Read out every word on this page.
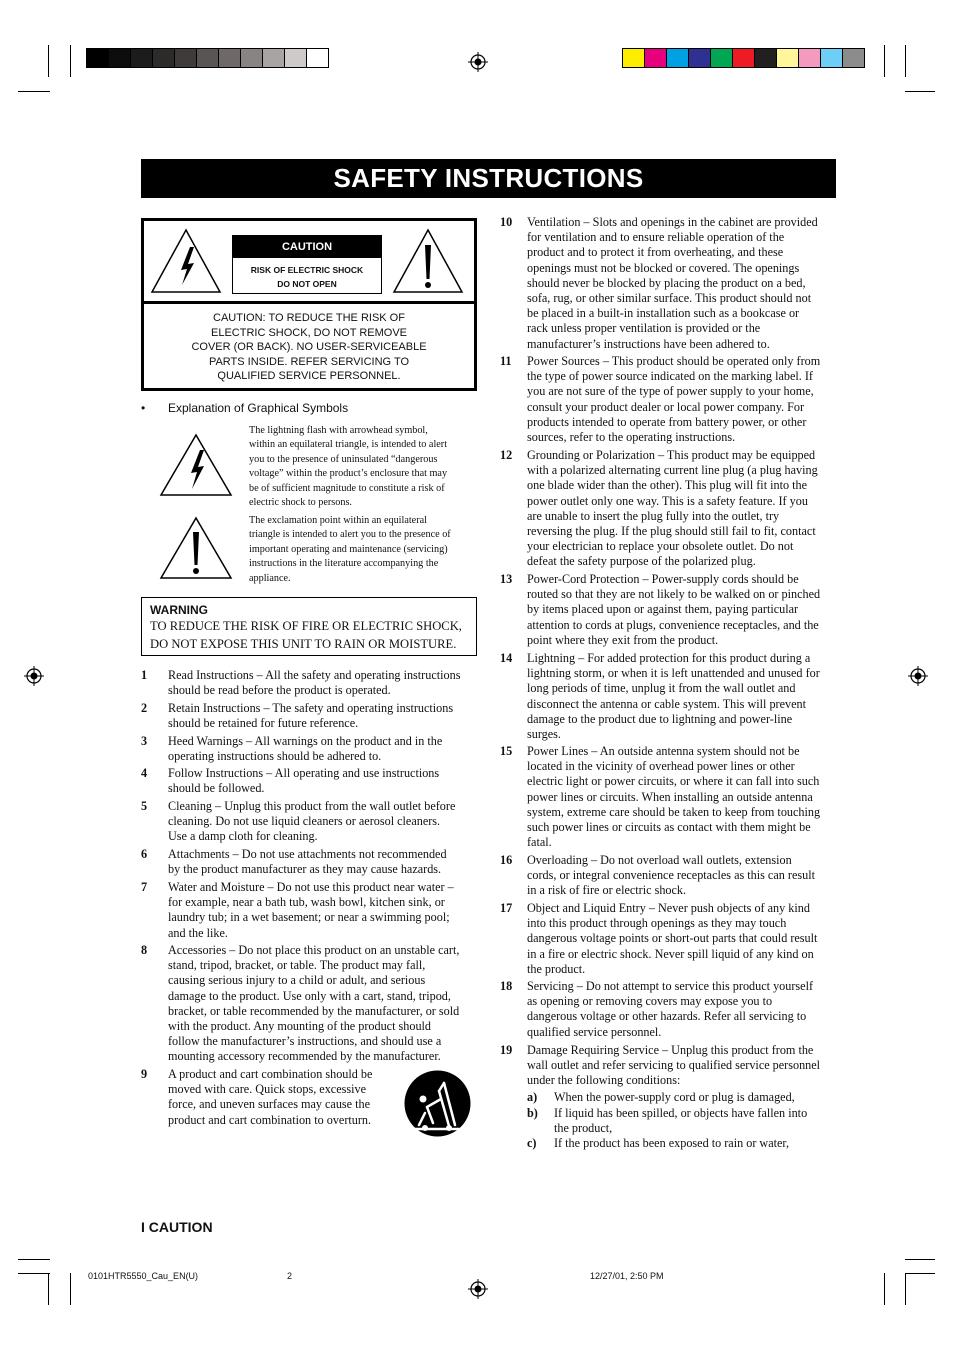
SAFETY INSTRUCTIONS
CAUTION
RISK OF ELECTRIC SHOCK
DO NOT OPEN
CAUTION: TO REDUCE THE RISK OF
ELECTRIC SHOCK, DO NOT REMOVE
COVER (OR BACK). NO USER-SERVICEABLE
PARTS INSIDE. REFER SERVICING TO
QUALIFIED SERVICE PERSONNEL.
• Explanation of Graphical Symbols
The lightning flash with arrowhead symbol,
within an equilateral triangle, is intended to alert
you to the presence of uninsulated “dangerous
voltage” within the product’s enclosure that may
be of sufficient magnitude to constitute a risk of
electric shock to persons.
The exclamation point within an equilateral
triangle is intended to alert you to the presence of
important operating and maintenance (servicing)
instructions in the literature accompanying the
appliance.
WARNING
TO REDUCE THE RISK OF FIRE OR ELECTRIC SHOCK,
DO NOT EXPOSE THIS UNIT TO RAIN OR MOISTURE.
1 Read Instructions – All the safety and operating instructions
should be read before the product is operated.
2 Retain Instructions – The safety and operating instructions
should be retained for future reference.
3 Heed Warnings – All warnings on the product and in the
operating instructions should be adhered to.
4 Follow Instructions – All operating and use instructions
should be followed.
5 Cleaning – Unplug this product from the wall outlet before
cleaning. Do not use liquid cleaners or aerosol cleaners.
Use a damp cloth for cleaning.
6 Attachments – Do not use attachments not recommended
by the product manufacturer as they may cause hazards.
7 Water and Moisture – Do not use this product near water –
for example, near a bath tub, wash bowl, kitchen sink, or
laundry tub; in a wet basement; or near a swimming pool;
and the like.
8 Accessories – Do not place this product on an unstable cart,
stand, tripod, bracket, or table. The product may fall,
causing serious injury to a child or adult, and serious
damage to the product. Use only with a cart, stand, tripod,
bracket, or table recommended by the manufacturer, or sold
with the product. Any mounting of the product should
follow the manufacturer’s instructions, and should use a
mounting accessory recommended by the manufacturer.
9 A product and cart combination should be
moved with care. Quick stops, excessive
force, and uneven surfaces may cause the
product and cart combination to overturn.
10 Ventilation – Slots and openings in the cabinet are provided
for ventilation and to ensure reliable operation of the
product and to protect it from overheating, and these
openings must not be blocked or covered. The openings
should never be blocked by placing the product on a bed,
sofa, rug, or other similar surface. This product should not
be placed in a built-in installation such as a bookcase or
rack unless proper ventilation is provided or the
manufacturer’s instructions have been adhered to.
11 Power Sources – This product should be operated only from
the type of power source indicated on the marking label. If
you are not sure of the type of power supply to your home,
consult your product dealer or local power company. For
products intended to operate from battery power, or other
sources, refer to the operating instructions.
12 Grounding or Polarization – This product may be equipped
with a polarized alternating current line plug (a plug having
one blade wider than the other). This plug will fit into the
power outlet only one way. This is a safety feature. If you
are unable to insert the plug fully into the outlet, try
reversing the plug. If the plug should still fail to fit, contact
your electrician to replace your obsolete outlet. Do not
defeat the safety purpose of the polarized plug.
13 Power-Cord Protection – Power-supply cords should be
routed so that they are not likely to be walked on or pinched
by items placed upon or against them, paying particular
attention to cords at plugs, convenience receptacles, and the
point where they exit from the product.
14 Lightning – For added protection for this product during a
lightning storm, or when it is left unattended and unused for
long periods of time, unplug it from the wall outlet and
disconnect the antenna or cable system. This will prevent
damage to the product due to lightning and power-line
surges.
15 Power Lines – An outside antenna system should not be
located in the vicinity of overhead power lines or other
electric light or power circuits, or where it can fall into such
power lines or circuits. When installing an outside antenna
system, extreme care should be taken to keep from touching
such power lines or circuits as contact with them might be
fatal.
16 Overloading – Do not overload wall outlets, extension
cords, or integral convenience receptacles as this can result
in a risk of fire or electric shock.
17 Object and Liquid Entry – Never push objects of any kind
into this product through openings as they may touch
dangerous voltage points or short-out parts that could result
in a fire or electric shock. Never spill liquid of any kind on
the product.
18 Servicing – Do not attempt to service this product yourself
as opening or removing covers may expose you to
dangerous voltage or other hazards. Refer all servicing to
qualified service personnel.
19 Damage Requiring Service – Unplug this product from the
wall outlet and refer servicing to qualified service personnel
under the following conditions:
a) When the power-supply cord or plug is damaged,
b) If liquid has been spilled, or objects have fallen into
the product,
c) If the product has been exposed to rain or water,
I CAUTION
0101HTR5550_Cau_EN(U)	2	12/27/01, 2:50 PM
